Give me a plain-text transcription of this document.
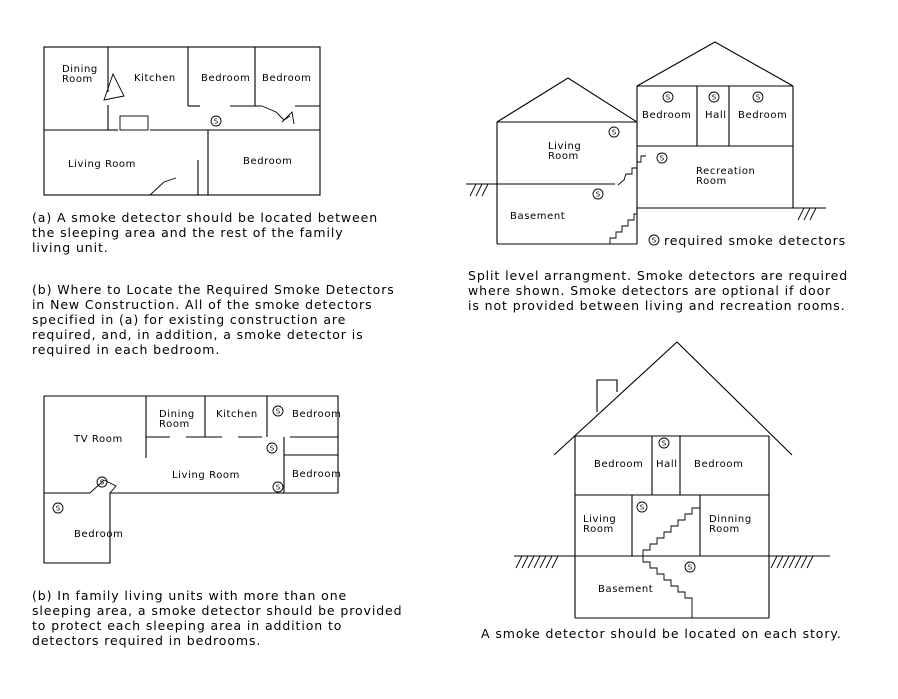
S
Dining
Room	Kitchen	Bedroom Bedroom
Living Room	Bedroom
(a) A smoke detector should be located between
the sleeping area and the rest of the family
living unit.
(b) Where to Locate the Required Smoke Detectors
in New Construction. All of the smoke detectors
specified in (a) for existing construction are
required, and, in addition, a smoke detector is
required in each bedroom.
S
S
S	S	S
S
Living
Room
Basement
Bedroom Hall Bedroom
Recreation
Room
S required smoke detectors
Split level arrangment. Smoke detectors are required
where shown. Smoke detectors are optional if door
is not provided between living and recreation rooms.
S
S
S
S
S
TV Room
Dining
Room
Kitchen	Bedroom
Living Room	Bedroom
Bedroom
(b) In family living units with more than one
sleeping area, a smoke detector should be provided
to protect each sleeping area in addition to
detectors required in bedrooms.
S
S
S
Bedroom Hall Bedroom
Living
Room
Dinning
Room
Basement
A smoke detector should be located on each story.
